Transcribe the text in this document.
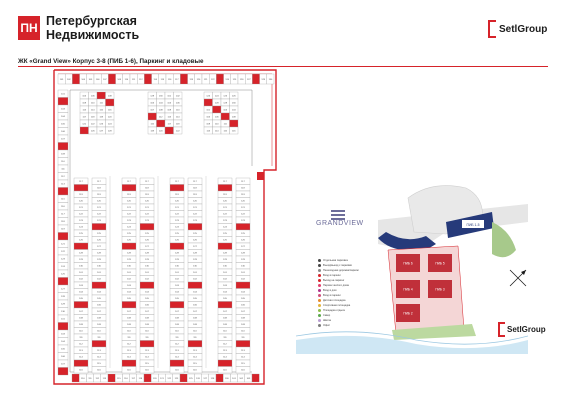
ПН Петербургская
Недвижимость	SetlGroup
ЖК «Grand View» Корпус 3-8 (ПИБ 1-6), Паркинг и кладовые
101	102	104	105	106	107	109	110	111	112	114	115	116	117	119	120	121	122	124	125	126	127	129	130
101
103
104
105
106
107
109
110
111
112
113
115
116
117
118
119
121
122
123
124
125
127
128
129
130
101
103
104
105
106
107
110	111	112	113	115	116	117	118	120	121	122	123	125	126	127	128	130	101	102	103
105	106	108
109	110	111
113	114	115	116
117	118	119	120
121	122	123	124
126	127	128
129	130	101	102
103	104	105	106
107	108	109	110
112	113	114
115	117	118
119	120	122
123	124	125	126
128	129	130
101	103	104
105	106	108
109	110	111
113	114	115	116
117
119
120
121
122
123
124
125
126
128
129
130
101
102
103
104
105
107
108
109
110
111
112
113
114
116
117
118
119
120
121
122
123
125
126
127
128
129
130
101
102
104
105
106
107
108
109
110
111
113
114
115
116
117
119
120
121
122
123
124
125
126
128
129
130
101
102
103
104
105
107
108
109
110
111
112
113
114
116
117
118
119
120
121
122
123
125
126
127
128
129
130
101
102
104
105
106
107
108
109
110
111
113
114
115
116
117
119
120
121
122
123
124
125
126
128
129
130
101
102
103
104
105
107
108
109
110
111
112
113
114
116
117
118
119
120
121
122
123
125
126
127
128
129
130
101
102
104
105
106
107
108
109
110
111
113
114
115
116
117
119
120
121
122
123
124
125
126
128
129
130
101
102
103
104
105
107
108
109
110
111
112
113
114
116
117
118
119
120
121
122
123
125
126
127
128
129
130
101
102
104
105
106
107
108
109
110
111
113
114
115
116
ПИБ 1-5
ПИБ 6	ПИБ 5
ПИБ 4	ПИБ 3
ПИБ 2
GRANDVIEW
Отдельная парковка
Въезд/выезд с парковки
Пешеходная дорожка/паркинг
Вход в паркинг
Выход на паркинг
Паркинг жилого дома
Вход в дом
Вход в паркинг
Детская площадка
Спортивная площадка
Площадка отдыха
Сквер
Школа
Офис	SetlGroup
